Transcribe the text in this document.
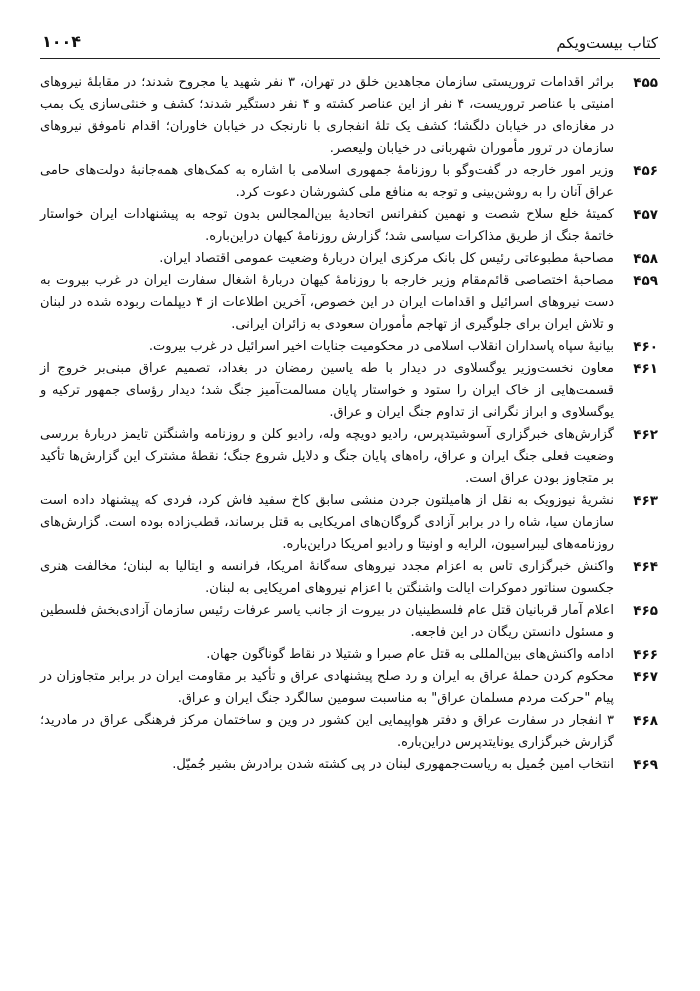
کتاب بیست‌ویکم
۱۰۰۴
۴۵۵
براثر اقدامات تروریستی سازمان مجاهدین خلق در تهران، ۳ نفر شهید یا مجروح شدند؛ در مقابلهٔ نیروهای امنیتی با عناصر تروریست، ۴ نفر از این عناصر کشته و ۴ نفر دستگیر شدند؛ کشف و خنثی‌سازی یک بمب در مغازه‌ای در خیابان دلگشا؛ کشف یک تلهٔ انفجاری با نارنجک در خیابان خاوران؛ اقدام ناموفق نیروهای سازمان در ترور مأموران شهربانی در خیابان ولیعصر.
۴۵۶
وزیر امور خارجه در گفت‌وگو با روزنامهٔ جمهوری اسلامی با اشاره به کمک‌های همه‌جانبهٔ دولت‌های حامی عراق آنان را به روشن‌بینی و توجه به منافع ملی کشورشان دعوت کرد.
۴۵۷
کمیتهٔ خلع سلاح شصت و نهمین کنفرانس اتحادیهٔ بین‌المجالس بدون توجه به پیشنهادات ایران خواستار خاتمهٔ جنگ از طریق مذاکرات سیاسی شد؛ گزارش روزنامهٔ کیهان دراین‌باره.
۴۵۸
مصاحبهٔ مطبوعاتی رئیس کل بانک مرکزی ایران دربارهٔ وضعیت عمومی اقتصاد ایران.
۴۵۹
مصاحبهٔ اختصاصی قائم‌مقام وزیر خارجه با روزنامهٔ کیهان دربارهٔ اشغال سفارت ایران در غرب بیروت به دست نیروهای اسرائیل و اقدامات ایران در این خصوص، آخرین اطلاعات از ۴ دیپلمات ربوده شده در لبنان و تلاش ایران برای جلوگیری از تهاجم مأموران سعودی به زائران ایرانی.
۴۶۰
بیانیهٔ سپاه پاسداران انقلاب اسلامی در محکومیت جنایات اخیر اسرائیل در غرب بیروت.
۴۶۱
معاون نخست‌وزیر یوگسلاوی در دیدار با طه یاسین رمضان در بغداد، تصمیم عراق مبنی‌بر خروج از قسمت‌هایی از خاک ایران را ستود و خواستار پایان مسالمت‌آمیز جنگ شد؛ دیدار رؤسای جمهور ترکیه و یوگسلاوی و ابراز نگرانی از تداوم جنگ ایران و عراق.
۴۶۲
گزارش‌های خبرگزاری آسوشیتدپرس، رادیو دویچه وله، رادیو کلن و روزنامه واشنگتن تایمز دربارهٔ بررسی وضعیت فعلی جنگ ایران و عراق، راه‌های پایان جنگ و دلایل شروع جنگ؛ نقطهٔ مشترک این گزارش‌ها تأکید بر متجاوز بودن عراق است.
۴۶۳
نشریهٔ نیوزویک به نقل از هامیلتون جردن منشی سابق کاخ سفید فاش کرد، فردی که پیشنهاد داده است سازمان سیا، شاه را در برابر آزادی گروگان‌های امریکایی به قتل برساند، قطب‌زاده بوده است. گزارش‌های روزنامه‌های لیبراسیون، الرایه و اونیتا و رادیو امریکا دراین‌باره.
۴۶۴
واکنش خبرگزاری تاس به اعزام مجدد نیروهای سه‌گانهٔ امریکا، فرانسه و ایتالیا به لبنان؛ مخالفت هنری جکسون سناتور دموکرات ایالت واشنگتن با اعزام نیروهای امریکایی به لبنان.
۴۶۵
اعلام آمار قربانیان قتل عام فلسطینیان در بیروت از جانب یاسر عرفات رئیس سازمان آزادی‌بخش فلسطین و مسئول دانستن ریگان در این فاجعه.
۴۶۶
ادامه واکنش‌های بین‌المللی به قتل عام صبرا و شتیلا در نقاط گوناگون جهان.
۴۶۷
محکوم کردن حملهٔ عراق به ایران و رد صلح پیشنهادی عراق و تأکید بر مقاومت ایران در برابر متجاوزان در پیام "حرکت مردم مسلمان عراق" به مناسبت سومین سالگرد جنگ ایران و عراق.
۴۶۸
۳ انفجار در سفارت عراق و دفتر هواپیمایی این کشور در وین و ساختمان مرکز فرهنگی عراق در مادرید؛ گزارش خبرگزاری یونایتدپرس دراین‌باره.
۴۶۹
انتخاب امین جُمیل به ریاست‌جمهوری لبنان در پی کشته شدن برادرش بشیر جُمیّل.
